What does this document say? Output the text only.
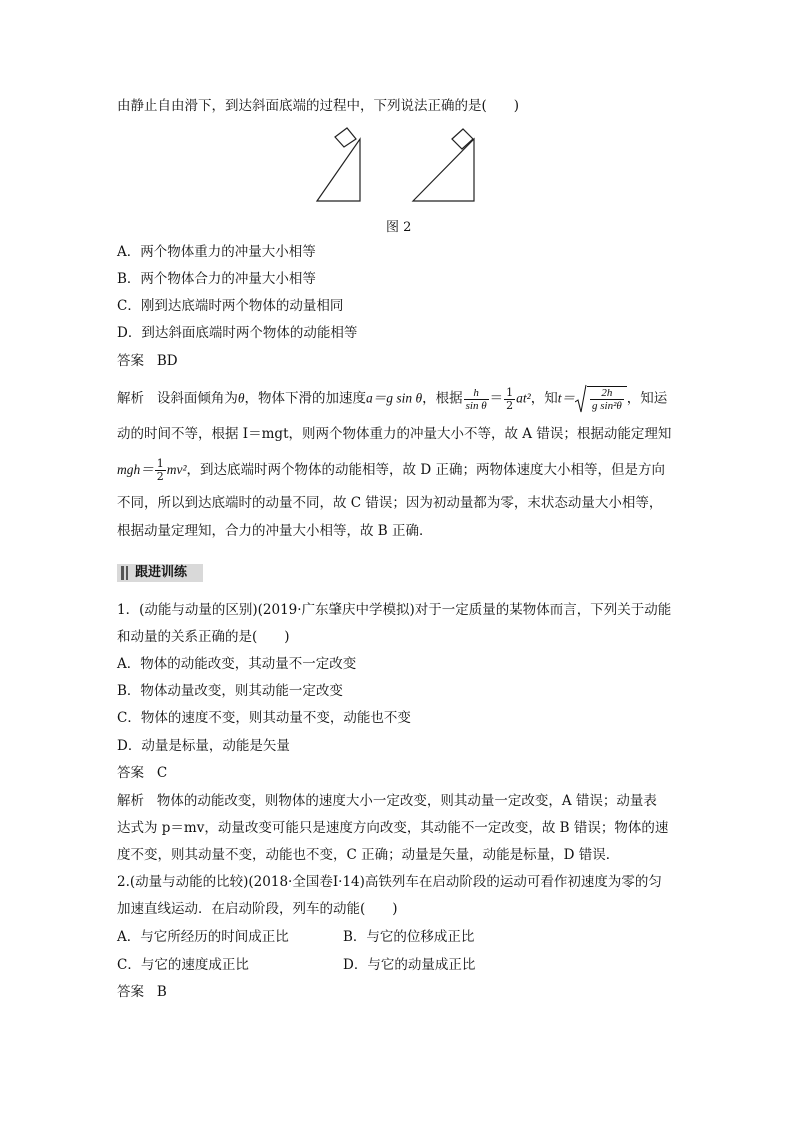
由静止自由滑下，到达斜面底端的过程中，下列说法正确的是(　　)
图 2
A．两个物体重力的冲量大小相等
B．两个物体合力的冲量大小相等
C．刚到达底端时两个物体的动量相同
D．到达斜面底端时两个物体的动能相等
答案 BD
解析 设斜面倾角为θ，物体下滑的加速度a＝g sin θ，根据 $\frac{h}{\text{sin θ}} = \frac{1}{2} at^2$，知$t= \frac{2h}{\text{g sin²θ}}$ ，知运
动的时间不等，根据 I＝mgt，则两个物体重力的冲量大小不等，故 A 错误；根据动能定理知
$mgh= \frac{1}{2} mv^2$，到达底端时两个物体的动能相等，故 D 正确；两物体速度大小相等，但是方向
不同，所以到达底端时的动量不同，故 C 错误；因为初动量都为零，末状态动量大小相等，
根据动量定理知，合力的冲量大小相等，故 B 正确．
跟进训练
1．(动能与动量的区别)(2019·广东肇庆中学模拟)对于一定质量的某物体而言，下列关于动能
和动量的关系正确的是(　　)
A．物体的动能改变，其动量不一定改变
B．物体动量改变，则其动能一定改变
C．物体的速度不变，则其动量不变，动能也不变
D．动量是标量，动能是矢量
答案 C
解析 物体的动能改变，则物体的速度大小一定改变，则其动量一定改变，A 错误；动量表
达式为 p＝mv，动量改变可能只是速度方向改变，其动能不一定改变，故 B 错误；物体的速
度不变，则其动量不变，动能也不变，C 正确；动量是矢量，动能是标量，D 错误．
2.(动量与动能的比较)(2018·全国卷Ⅰ·14)高铁列车在启动阶段的运动可看作初速度为零的匀
加速直线运动．在启动阶段，列车的动能(　　)
A．与它所经历的时间成正比	B．与它的位移成正比
C．与它的速度成正比	D．与它的动量成正比
答案 B
